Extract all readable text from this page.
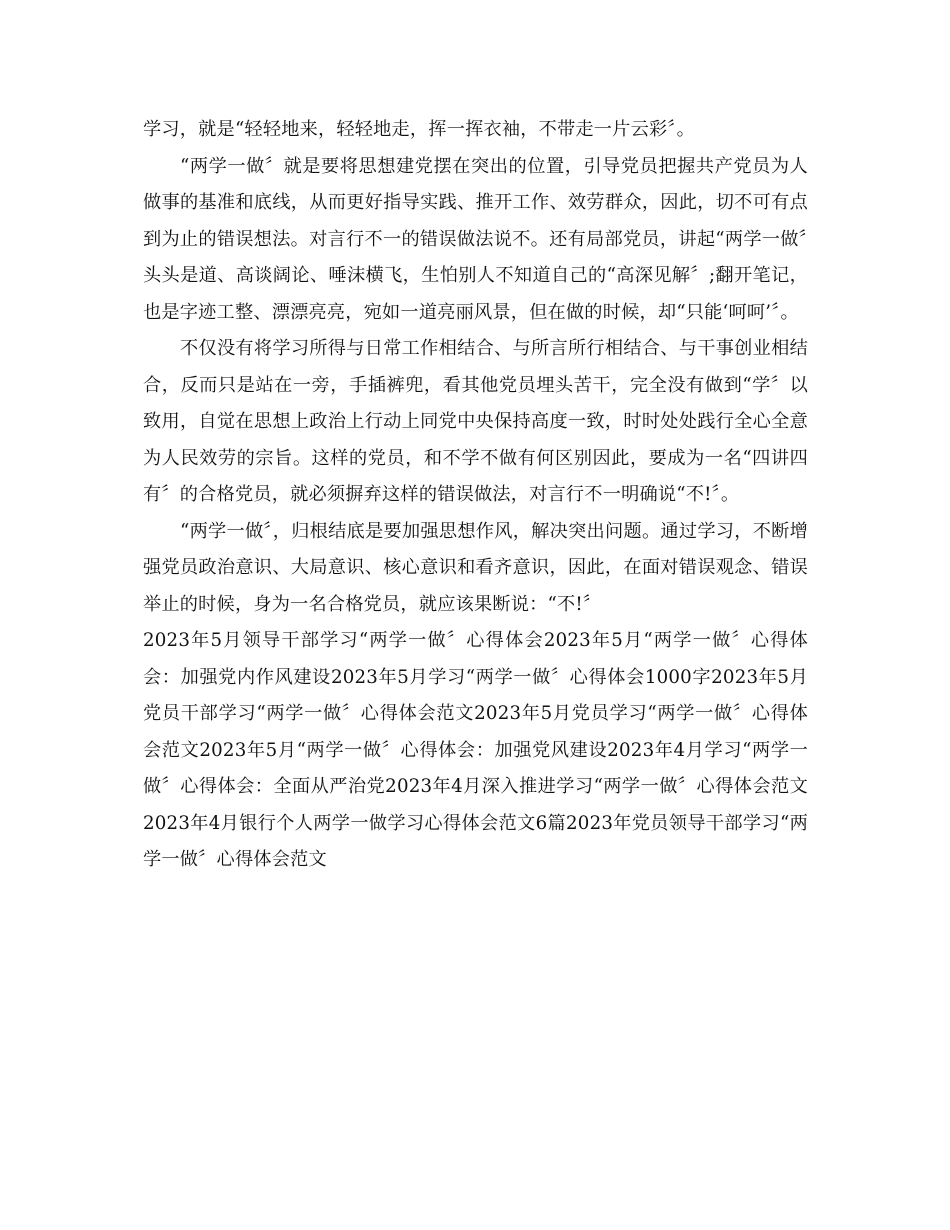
学习，就是“轻轻地来，轻轻地走，挥一挥衣袖，不带走一片云彩〞。

“两学一做〞就是要将思想建党摆在突出的位置，引导党员把握共产党员为人做事的基准和底线，从而更好指导实践、推开工作、效劳群众，因此，切不可有点到为止的错误想法。对言行不一的错误做法说不。还有局部党员，讲起“两学一做〞头头是道、高谈阔论、唾沫横飞，生怕别人不知道自己的“高深见解〞;翻开笔记，也是字迹工整、漂漂亮亮，宛如一道亮丽风景，但在做的时候，却“只能‘呵呵’〞。

不仅没有将学习所得与日常工作相结合、与所言所行相结合、与干事创业相结合，反而只是站在一旁，手插裤兜，看其他党员埋头苦干，完全没有做到“学〞以致用，自觉在思想上政治上行动上同党中央保持高度一致，时时处处践行全心全意为人民效劳的宗旨。这样的党员，和不学不做有何区别因此，要成为一名“四讲四有〞的合格党员，就必须摒弃这样的错误做法，对言行不一明确说“不!〞。

“两学一做〞，归根结底是要加强思想作风，解决突出问题。通过学习，不断增强党员政治意识、大局意识、核心意识和看齐意识，因此，在面对错误观念、错误举止的时候，身为一名合格党员，就应该果断说：“不!〞

2023年5月领导干部学习“两学一做〞心得体会2023年5月“两学一做〞心得体会：加强党内作风建设2023年5月学习“两学一做〞心得体会1000字2023年5月党员干部学习“两学一做〞心得体会范文2023年5月党员学习“两学一做〞心得体会范文2023年5月“两学一做〞心得体会：加强党风建设2023年4月学习“两学一做〞心得体会：全面从严治党2023年4月深入推进学习“两学一做〞心得体会范文2023年4月银行个人两学一做学习心得体会范文6篇2023年党员领导干部学习“两学一做〞心得体会范文
